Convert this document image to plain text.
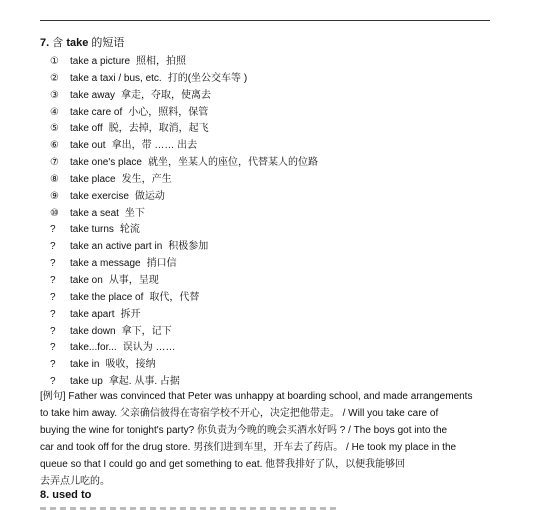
7. 含 take 的短语
① take a picture 照相，拍照
② take a taxi / bus, etc. 打的(坐公交车等 )
③ take away 拿走，夺取，使离去
④ take care of 小心，照料，保管
⑤ take off 脱，去掉，取消，起飞
⑥ take out 拿出，带 …… 出去
⑦ take one's place 就坐，坐某人的座位，代替某人的位路
⑧ take place 发生，产生
⑨ take exercise 做运动
⑩ take a seat 坐下
? take turns 轮流
? take an active part in 积极参加
? take a message 捎口信
? take on 从事，呈现
? take the place of 取代，代替
? take apart 拆开
? take down 拿下，记下
? take...for... 误认为 ……
? take in 吸收，接纳
? take up 拿起. 从事. 占据

[例句] Father was convinced that Peter was unhappy at boarding school, and made arrangements
to take him away. 父亲确信彼得在寄宿学校不开心，决定把他带走。 / Will you take care of
buying the wine for tonight's party? 你负责为今晚的晚会买酒水好吗 ? / The boys got into the
car and took off for the drug store. 男孩们进到车里，开车去了药店。 / He took my place in the
queue so that I could go and get something to eat. 他替我排好了队，以便我能够回
去弄点儿吃的。

8. used to
